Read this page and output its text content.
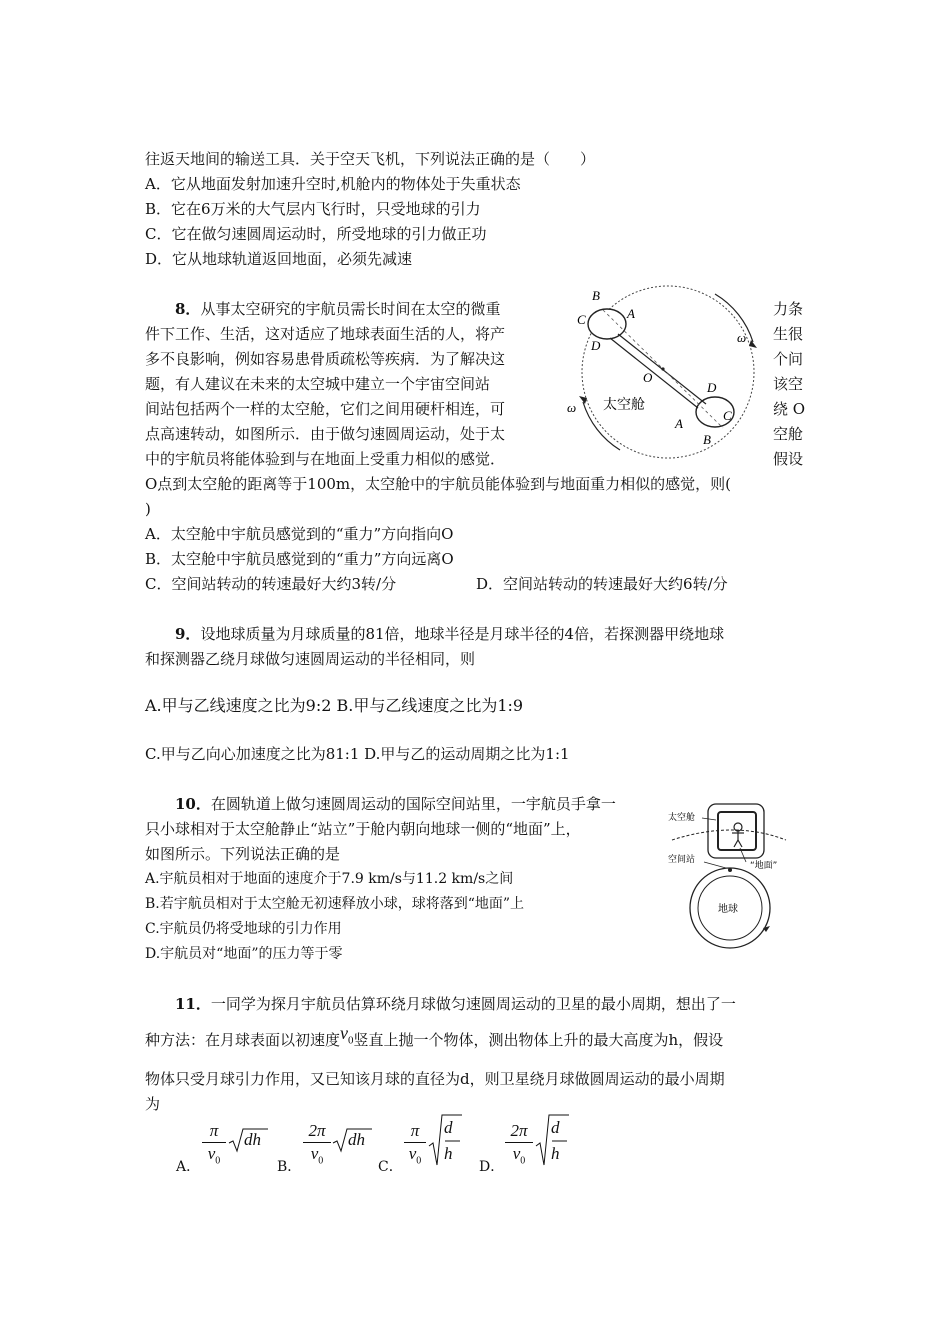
往返天地间的输送工具．关于空天飞机，下列说法正确的是（　　）
A．它从地面发射加速升空时,机舱内的物体处于失重状态
B．它在6万米的大气层内飞行时，只受地球的引力
C．它在做匀速圆周运动时，所受地球的引力做正功
D．它从地球轨道返回地面，必须先减速
8．从事太空研究的宇航员需长时间在太空的微重
件下工作、生活，这对适应了地球表面生活的人，将产
多不良影响，例如容易患骨质疏松等疾病．为了解决这
题，有人建议在未来的太空城中建立一个宇宙空间站
间站包括两个一样的太空舱，它们之间用硬杆相连，可
点高速转动，如图所示．由于做匀速圆周运动，处于太
中的宇航员将能体验到与在地面上受重力相似的感觉．
力条
生很
个问
该空
绕 O
空舱
假设
B
C	A
D
O
太空舱
D
C
A
B
ω
ω
O点到太空舱的距离等于100m，太空舱中的宇航员能体验到与地面重力相似的感觉，则(
)
A．太空舱中宇航员感觉到的“重力”方向指向O
B．太空舱中宇航员感觉到的“重力”方向远离O
C．空间站转动的转速最好大约3转/分	D．空间站转动的转速最好大约6转/分
9．设地球质量为月球质量的81倍，地球半径是月球半径的4倍，若探测器甲绕地球
和探测器乙绕月球做匀速圆周运动的半径相同，则
A.甲与乙线速度之比为9:2 B.甲与乙线速度之比为1:9
C.甲与乙向心加速度之比为81:1 D.甲与乙的运动周期之比为1:1
10．在圆轨道上做匀速圆周运动的国际空间站里，一宇航员手拿一
只小球相对于太空舱静止“站立”于舱内朝向地球一侧的“地面”上，
如图所示。下列说法正确的是
A.宇航员相对于地面的速度介于7.9 km/s与11.2 km/s之间
B.若宇航员相对于太空舱无初速释放小球，球将落到“地面”上
C.宇航员仍将受地球的引力作用
D.宇航员对“地面”的压力等于零
太空舱
空间站
“地面”
地球
11．一同学为探月宇航员估算环绕月球做匀速圆周运动的卫星的最小周期，想出了一
种方法：在月球表面以初速度$v_0$竖直上抛一个物体，测出物体上升的最大高度为h，假设
物体只受月球引力作用，又已知该月球的直径为d，则卫星绕月球做圆周运动的最小周期
为
A． $\frac{\pi}{v_0}$ dh
B． $\frac{2\pi}{v_0}$ dh
C． $\frac{\pi}{v_0}$ d
h
D． $\frac{2\pi}{v_0}$ d
h
